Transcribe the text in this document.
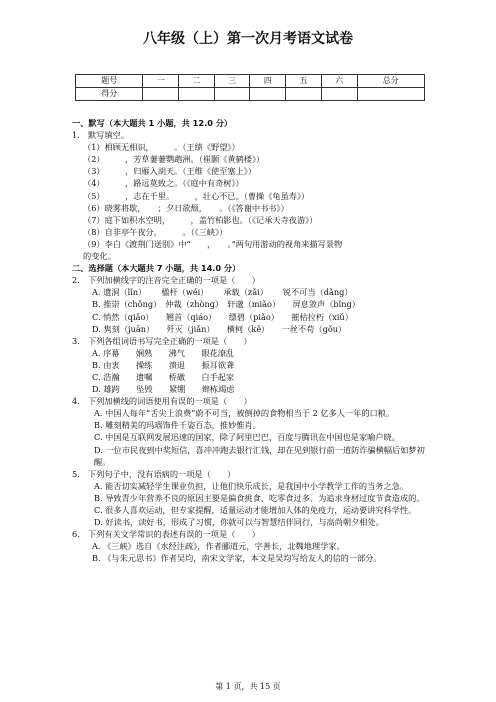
八年级（上）第一次月考语文试卷
题号	一	二	三	四	五	六	总分
得分							
一、默写（本大题共 1 小题，共 12.0 分）
1.　默写填空。
（1）相顾无相识，　　　。（王绩《野望》）
（2）　　　，芳草萋萋鹦鹉洲。（崔颢《黄鹤楼》）
（3）　　　，归雁入胡天。（王维《使至塞上》）
（4）　　　，路远莫致之。（《庭中有奇树》）
（5）　　　，志在千里。　　　，壮心不已。（曹操《龟虽寿》）
（6）晓雾将歇，　　；夕日欲颓，　　。（《答谢中书书》）
（7）庭下如积水空明，　　　，盖竹柏影也。（《记承天寺夜游》）
（8）自非亭午夜分，　　　。（《三峡》）
（9）李白《渡荆门送别》中“　　，　　。”两句用游动的视角来描写景物
的变化。
二、选择题（本大题共 7 小题，共 14.0 分）
2.　下列加横线字的注音完全正确的一项是（　　）
A. 遗洞（lǐn）　　 楹杆（wéi）　　 承载（zǎi）　　 锐不可当（dǎng）
B. 推崇（chǒng）　仲裁（zhòng）　轩邈（miǎo）　　屏息敛声（bǐng）
C. 悄然（qiǎo）　　翘首（qiáo）　　缥碧（piǎo）　　摧枯拉朽（xiǔ）
D. 隽刻（juān）　　歼灭（jiǎn）　　横柯（kě）　　一丝不苟（gǒu）
3.　下列各组词语书写完全正确的一项是（　　）
A. 序幕　　娴熟　　沸气　　眼花潦乱
B. 由衷　　操练　　溃退　　振耳欲聋
C. 浩瀚　　遗嘱　　桥礅　　白手起家
D. 雄跨　　坠毁　　紧绷　　辫栋竭虑
4.　下列加横线的词语使用有误的一项是（　　）
A. 中国人每年“舌尖上浪费”蔚不可当，被倒掉的食物相当于 2 亿多人一年的口粮。
B. 雕刻精美的玛瑙饰件千姿百态，推妙惟肖。
C. 中国是互联网发展迅速的国家，除了阿里巴巴，百度与腾讯在中国也是家喻户晓。
D. 一位市民夜到中奖短信，喜冲冲跑去银行汇钱，却在见到银行前一道防诈骗横幅后如梦初醒。
5.　下列句子中，没有语病的一项是（　　）
A. 能否切实减轻学生课业负担，让他们快乐成长，是我国中小学教学工作的当务之急。
B. 导致青少年营养不良的原因主要是偏食挑食、吃零食过多、为追求身材过度节食造成的。
C. 很多人喜欢运动，但专家提醒，适量运动才能增加人体的免疫力，运动要讲究科学性。
D. 好读书，读好书，形成了习惯，你就可以与智慧结伴同行，与高尚朝夕相处。
6.　下列有关文学常识的表述有误的一项是（　　）
A. 《三峡》选自《水经注疏》，作者郦道元，字善长，北魏地理学家。
B. 《与朱元思书》作者吴均，南宋文学家，本文是吴均写给友人的信的一部分。
第 1 页，共 15 页
